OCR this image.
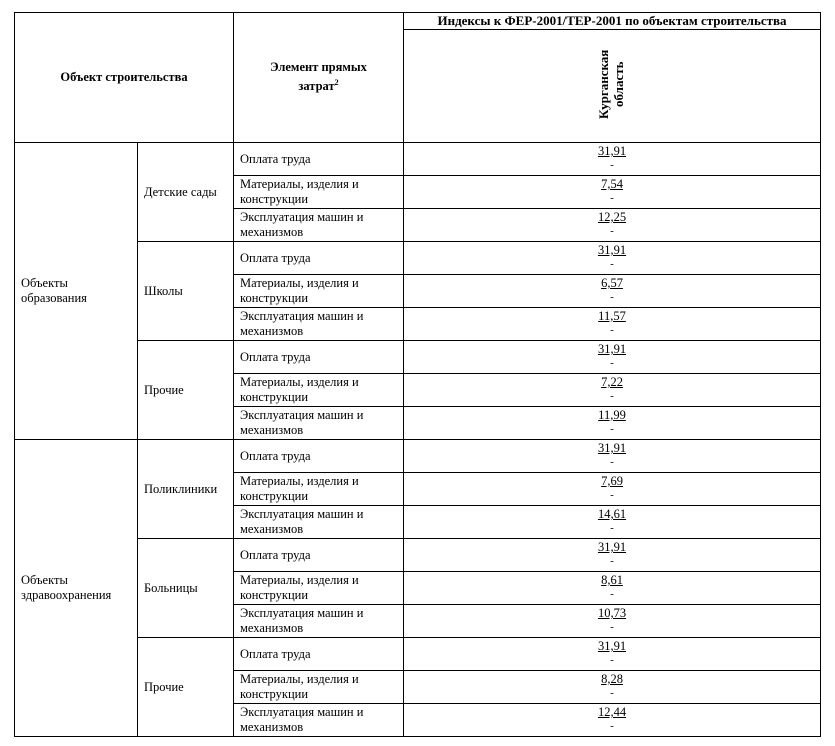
Объект строительства		Элемент прямых затрат$^2$	Индексы к ФЕР-2001/ТЕР-2001 по объектам строительства
			Курганская область
Объекты образования	Детские сады	Оплата труда	31,91
-

		Материалы, изделия и конструкции	7,54
-

		Эксплуатация машин и механизмов	12,25
-

	Школы	Оплата труда	31,91
-

		Материалы, изделия и конструкции	6,57
-

		Эксплуатация машин и механизмов	11,57
-

	Прочие	Оплата труда	31,91
-

		Материалы, изделия и конструкции	7,22
-

		Эксплуатация машин и механизмов	11,99
-

Объекты здравоохранения	Поликлиники	Оплата труда	31,91
-

		Материалы, изделия и конструкции	7,69
-

		Эксплуатация машин и механизмов	14,61
-

	Больницы	Оплата труда	31,91
-

		Материалы, изделия и конструкции	8,61
-

		Эксплуатация машин и механизмов	10,73
-

	Прочие	Оплата труда	31,91
-

		Материалы, изделия и конструкции	8,28
-

		Эксплуатация машин и механизмов	12,44
-
